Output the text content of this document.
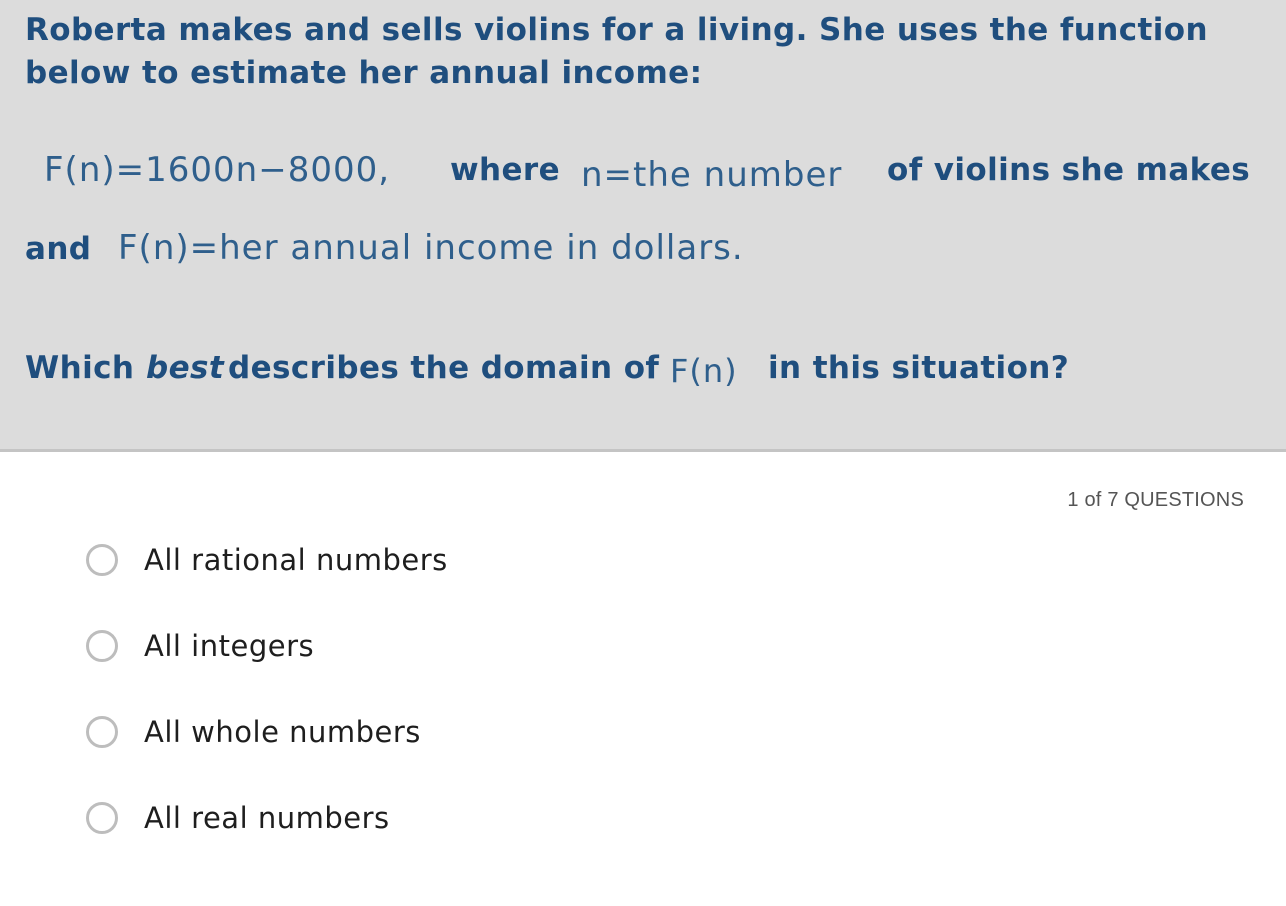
Roberta makes and sells violins for a living. She uses the function below to estimate her annual income:

F(n)=1600n−8000, where n=the number of violins she makes
and F(n)=her annual income in dollars.
Which best describes the domain of F(n) in this situation?
1 of 7 QUESTIONS
All rational numbers
All integers
All whole numbers
All real numbers
